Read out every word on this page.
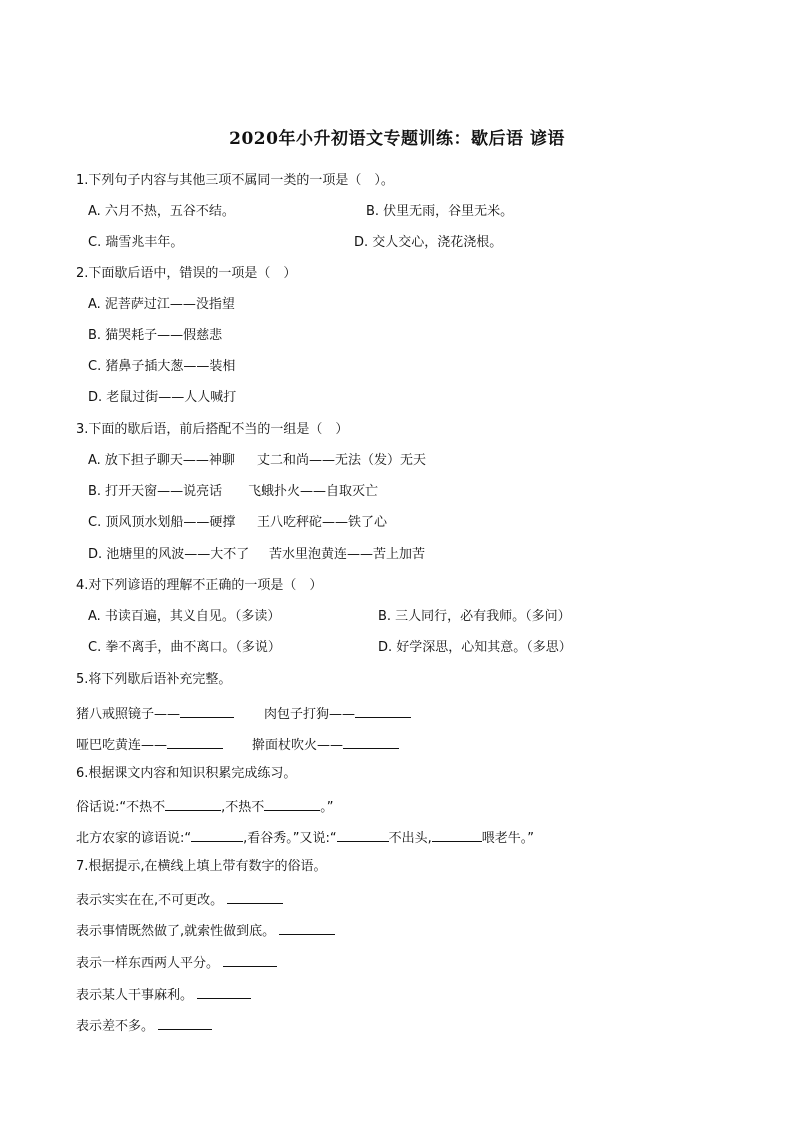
2020年小升初语文专题训练：歇后语 谚语
1.下列句子内容与其他三项不属同一类的一项是（　）。
A. 六月不热，五谷不结。	B. 伏里无雨，谷里无米。
C. 瑞雪兆丰年。	D. 交人交心，浇花浇根。
2.下面歇后语中，错误的一项是（　）
A. 泥菩萨过江——没指望
B. 猫哭耗子——假慈悲
C. 猪鼻子插大葱——装相
D. 老鼠过街——人人喊打
3.下面的歇后语，前后搭配不当的一组是（　）
A. 放下担子聊天——神聊 丈二和尚——无法（发）无天
B. 打开天窗——说亮话 飞蛾扑火——自取灭亡
C. 顶风顶水划船——硬撑 王八吃秤砣——铁了心
D. 池塘里的风波——大不了 苦水里泡黄连——苦上加苦
4.对下列谚语的理解不正确的一项是（　）
A. 书读百遍，其义自见。（多读）	B. 三人同行，必有我师。（多问）
C. 拳不离手，曲不离口。（多说）	D. 好学深思，心知其意。（多思）
5.将下列歇后语补充完整。
猪八戒照镜子——	肉包子打狗——
哑巴吃黄连——	擀面杖吹火——
6.根据课文内容和知识积累完成练习。
俗话说:“不热不	,不热不	。”
北方农家的谚语说:“	,看谷秀。”又说:“	不出头,	喂老牛。”
7.根据提示,在横线上填上带有数字的俗语。
表示实实在在,不可更改。
表示事情既然做了,就索性做到底。
表示一样东西两人平分。
表示某人干事麻利。
表示差不多。
